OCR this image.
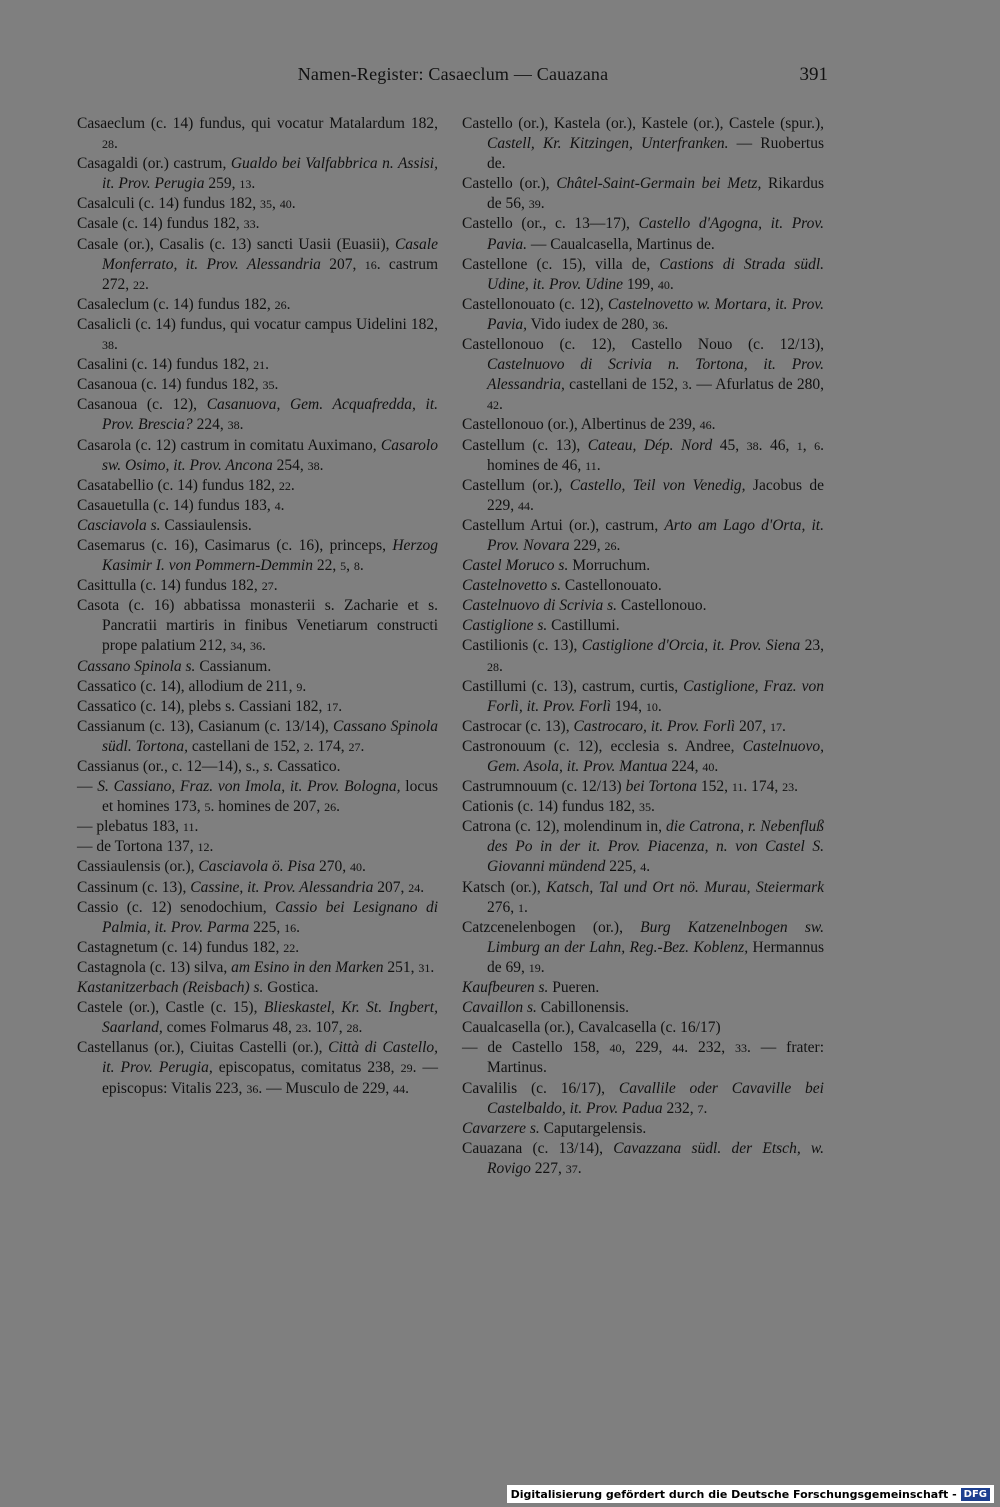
Namen-Register: Casaeclum — Cauazana	391

Casaeclum (c. 14) fundus, qui vocatur Matalardum 182, 28.

Casagaldi (or.) castrum, Gualdo bei Valfabbrica n. Assisi, it. Prov. Perugia 259, 13.

Casalculi (c. 14) fundus 182, 35, 40.

Casale (c. 14) fundus 182, 33.

Casale (or.), Casalis (c. 13) sancti Uasii (Euasii), Casale Monferrato, it. Prov. Alessandria 207, 16. castrum 272, 22.

Casaleclum (c. 14) fundus 182, 26.

Casalicli (c. 14) fundus, qui vocatur campus Uidelini 182, 38.

Casalini (c. 14) fundus 182, 21.

Casanoua (c. 14) fundus 182, 35.

Casanoua (c. 12), Casanuova, Gem. Acquafredda, it. Prov. Brescia? 224, 38.

Casarola (c. 12) castrum in comitatu Auximano, Casarolo sw. Osimo, it. Prov. Ancona 254, 38.

Casatabellio (c. 14) fundus 182, 22.

Casauetulla (c. 14) fundus 183, 4.

Casciavola s. Cassiaulensis.

Casemarus (c. 16), Casimarus (c. 16), princeps, Herzog Kasimir I. von Pommern-Demmin 22, 5, 8.

Casittulla (c. 14) fundus 182, 27.

Casota (c. 16) abbatissa monasterii s. Zacharie et s. Pancratii martiris in finibus Venetiarum constructi prope palatium 212, 34, 36.

Cassano Spinola s. Cassianum.

Cassatico (c. 14), allodium de 211, 9.

Cassatico (c. 14), plebs s. Cassiani 182, 17.

Cassianum (c. 13), Casianum (c. 13/14), Cassano Spinola südl. Tortona, castellani de 152, 2. 174, 27.

Cassianus (or., c. 12—14), s., s. Cassatico.

— S. Cassiano, Fraz. von Imola, it. Prov. Bologna, locus et homines 173, 5. homines de 207, 26.

— plebatus 183, 11.

— de Tortona 137, 12.

Cassiaulensis (or.), Casciavola ö. Pisa 270, 40.

Cassinum (c. 13), Cassine, it. Prov. Alessandria 207, 24.

Cassio (c. 12) senodochium, Cassio bei Lesignano di Palmia, it. Prov. Parma 225, 16.

Castagnetum (c. 14) fundus 182, 22.

Castagnola (c. 13) silva, am Esino in den Marken 251, 31.

Kastanitzerbach (Reisbach) s. Gostica.

Castele (or.), Castle (c. 15), Blieskastel, Kr. St. Ingbert, Saarland, comes Folmarus 48, 23. 107, 28.

Castellanus (or.), Ciuitas Castelli (or.), Città di Castello, it. Prov. Perugia, episcopatus, comitatus 238, 29. — episcopus: Vitalis 223, 36. — Musculo de 229, 44.

Castello (or.), Kastela (or.), Kastele (or.), Castele (spur.), Castell, Kr. Kitzingen, Unterfranken. — Ruobertus de.

Castello (or.), Châtel-Saint-Germain bei Metz, Rikardus de 56, 39.

Castello (or., c. 13—17), Castello d'Agogna, it. Prov. Pavia. — Caualcasella, Martinus de.

Castellone (c. 15), villa de, Castions di Strada südl. Udine, it. Prov. Udine 199, 40.

Castellonouato (c. 12), Castelnovetto w. Mortara, it. Prov. Pavia, Vido iudex de 280, 36.

Castellonouo (c. 12), Castello Nouo (c. 12/13), Castelnuovo di Scrivia n. Tortona, it. Prov. Alessandria, castellani de 152, 3. — Afurlatus de 280, 42.

Castellonouo (or.), Albertinus de 239, 46.

Castellum (c. 13), Cateau, Dép. Nord 45, 38. 46, 1, 6. homines de 46, 11.

Castellum (or.), Castello, Teil von Venedig, Jacobus de 229, 44.

Castellum Artui (or.), castrum, Arto am Lago d'Orta, it. Prov. Novara 229, 26.

Castel Moruco s. Morruchum.

Castelnovetto s. Castellonouato.

Castelnuovo di Scrivia s. Castellonouo.

Castiglione s. Castillumi.

Castilionis (c. 13), Castiglione d'Orcia, it. Prov. Siena 23, 28.

Castillumi (c. 13), castrum, curtis, Castiglione, Fraz. von Forlì, it. Prov. Forlì 194, 10.

Castrocar (c. 13), Castrocaro, it. Prov. Forlì 207, 17.

Castronouum (c. 12), ecclesia s. Andree, Castelnuovo, Gem. Asola, it. Prov. Mantua 224, 40.

Castrumnouum (c. 12/13) bei Tortona 152, 11. 174, 23.

Cationis (c. 14) fundus 182, 35.

Catrona (c. 12), molendinum in, die Catrona, r. Nebenfluß des Po in der it. Prov. Piacenza, n. von Castel S. Giovanni mündend 225, 4.

Katsch (or.), Katsch, Tal und Ort nö. Murau, Steiermark 276, 1.

Catzcenelenbogen (or.), Burg Katzenelnbogen sw. Limburg an der Lahn, Reg.-Bez. Koblenz, Hermannus de 69, 19.

Kaufbeuren s. Pueren.

Cavaillon s. Cabillonensis.

Caualcasella (or.), Cavalcasella (c. 16/17)

— de Castello 158, 40, 229, 44. 232, 33. — frater: Martinus.

Cavalilis (c. 16/17), Cavallile oder Cavaville bei Castelbaldo, it. Prov. Padua 232, 7.

Cavarzere s. Caputargelensis.

Cauazana (c. 13/14), Cavazzana südl. der Etsch, w. Rovigo 227, 37.

Digitalisierung gefördert durch die Deutsche Forschungsgemeinschaft - DFG
